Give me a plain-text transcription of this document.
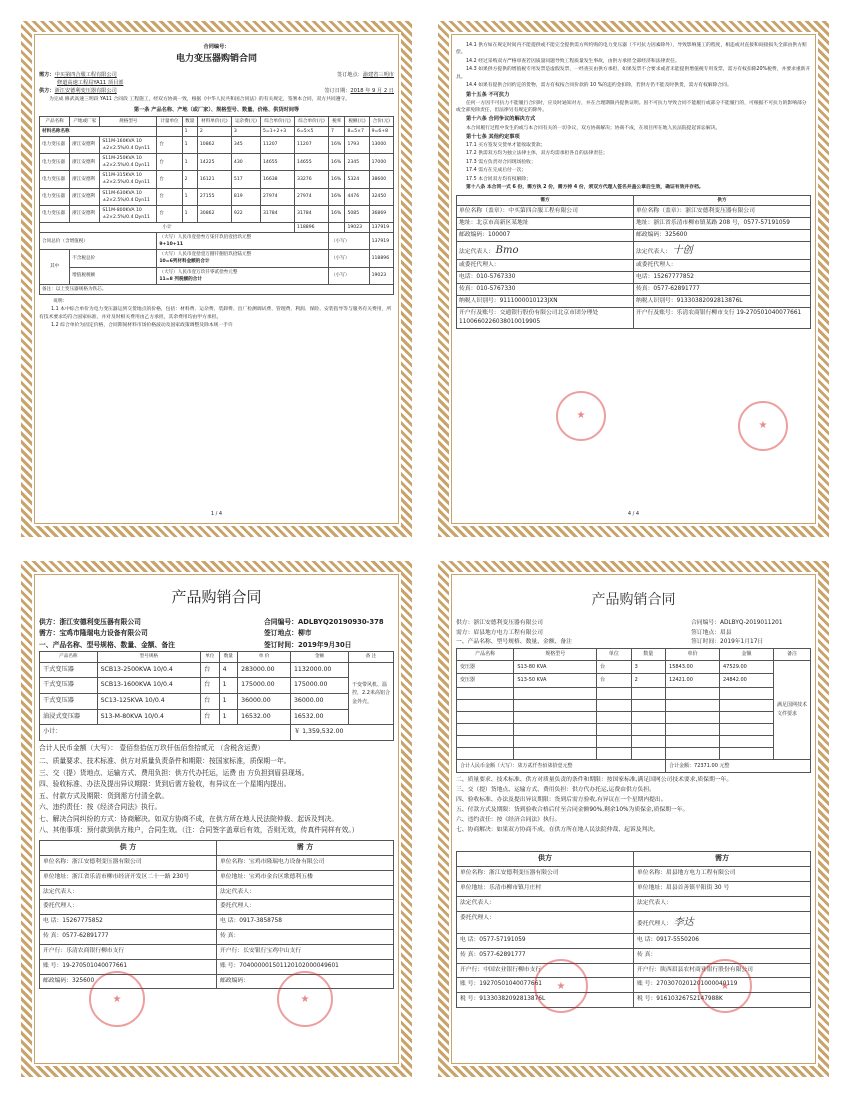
合同编号：
电力变压器购销合同
需方：中买第四合服工程有限公司	签订地点：渝建省三明市
修道高速工程局YA11 项目部
供方：浙江安德利变压器有限公司	签订日期：2018 年 9 月 2 日
为完成 修武高速三明段 YA11 合同段 工程施工，经双方协商一致，根据《中华人民共和国合同法》的有关规定，签署本合同，双方共同遵守。
第一条 产品名称、产地（或厂家）、规格型号、数量、价格、供货时间等
产品名称	产地或厂家	规格型号	计量单位	数量	材料单价(元)	运杂费(元)	综合单价(元)	综合单价(元)	税率	税额(元)	合价(元)
材料名称名称				1	2	3	5=1+2+3	6=5×5	7	8=5×7	9=6+8
电力变压器	浙江安德利	S11M-160KVA 10 ±2×2.5%/0.4 Dyn11	台	1	10862	345	11207	11207	16%	1793	13000
电力变压器	浙江安德利	S11M-250KVA 10 ±2×2.5%/0.4 Dyn11	台	1	14225	430	14655	14655	16%	2345	17000
电力变压器	浙江安德利	S11M-315KVA 10 ±2×2.5%/0.4 Dyn11	台	2	16121	517	16638	33276	16%	5324	38600
电力变压器	浙江安德利	S11M-630KVA 10 ±2×2.5%/0.4 Dyn11	台	1	27155	819	27974	27974	16%	4476	32450
电力变压器	浙江安德利	S11M-800KVA 10 ±2×2.5%/0.4 Dyn11	台	1	30862	922	31784	31784	16%	5085	36869
小计								118896		19023	137919
合同总价（含增值税）			（大写）人民币壹拾叁万柒仟玖佰壹拾玖元整
9+10+11						（小写）		137919
其中	不含税总价		（大写）人民币壹拾壹万捌仟捌佰玖拾陆元整
10=6列材料金额的合计						（小写）		118896
	增值税税额		（大写）人民币壹万玖仟零贰拾叁元整
11=8 列税额的合计						（小写）		19023
备注：以上变压器规格为铁芯。											
说明：
1.1 本中综合单价为电力变压器运到交货地点的价格，包括：材料费、运杂费、装卸费、出厂检测调试费、管理费、利润、保险、安装指导等与服务有关费用，所有技术要求均符合国家标准，并对及时相关费用由乙方承担，其余费用均由甲方承担。
1.2 综合单价为固定价格，合同期间材料市场价格波动及国家政策调整及除本规一手许
1 / 4
14.1 供方如在规定时间内不能提供或不能完全提供需方所约购的电力变压器（不可抗力因素除外），导致影响施工的程度，相违或对直接和间接损失全部由供方赔偿。
14.2 经过采购双方严格审查若因质量问题导致工程质量发生事故，由供方承担全部经济和法律责任。
14.3 如果供方提供的增值税专用发票是虚假发票，一经查实由供方承担，如果发票不合要求或者未能提供增值税专用发票，需方有权扣除20%税费，并要求重新开具。
14.4 如果有提供合同约定的货物，需方有权按合同价款的 10 %的违约金扣除，若供方仍不能及时供货，需方有权解除合同。
第十五条 不可抗力
任何一方因不可抗力不能履行合同时，应及时通知对方，并在合理期限内提供证明。因不可抗力导致合同不能履行或部分不能履行的，可根据不可抗力的影响部分或全部免除责任，但法律另有规定的除外。
第十六条 合同争议的解决方式
本合同履行过程中发生的或与本合同有关的一切争议，双方协商解决；协商不成，在项目所在地人民法院提起诉讼解决。
第十七条 其他约定事项
17.1 买方签发交货单才能收取货款；
17.2 供需双方均为独立法律主体，双方均需承担各自的法律责任；
17.3 需方负责对合同现场验收；
17.4 需方在完成后付一次；
17.5 本合同双方均有权解除；
第十八条 本合同一式 6 份，需方执 2 份，需方持 4 份，须双方代理人签名并盖公章后生效，确证有效并存档。
需方	供方
单位名称（盖章）：中买第四合服工程有限公司	单位名称（盖章）：浙江安德利变压器有限公司
地址：北京市高新区某地址	地址：浙江省乐清市柳市镇某路 208 号，0577-57191059
邮政编码：100007	邮政编码：325600
法定代表人： Bmo	法定代表人： 十创
或委托代理人：	或委托代理人：
电话：010-5767330	电话：15267777852
传真：010-5767330	传真：0577-62891777
纳税人识别号：9111000010123JXN	纳税人识别号：91330382092813876L
开户行及账号：交通银行股份有限公司北京市团分理处 1100660226038010019905	开户行及账号：乐清农商银行柳市支行 19-270501040077661
★
★
4 / 4
产品购销合同
供方：浙江安德利变压器有限公司	合同编号：ADLBYQ20190930-378
需方：宝鸡市隆瑞电力设备有限公司	签订地点：柳市
一、产品名称、型号规格、数量、金额、备注	签订时间：2019年9月30日
产品名称	型号规格	单位	数量	单 价	金额	备 注
干式变压器	SCB13-2500KVA 10/0.4	台	4	283000.00	1132000.00	干变带风机、温控，2.2米高铝合金外壳。
干式变压器	SCB13-1600KVA 10/0.4	台	1	175000.00	175000.00	
干式变压器	SC13-125KVA 10/0.4	台	1	36000.00	36000.00	
油浸式变压器	S13-M-80KVA 10/0.4	台	1	16532.00	16532.00	
小计：					￥ 1,359,532.00	
合计人民币金额（大写）： 壹佰叁拾伍万玖仟伍佰叁拾贰元 （含税含运费）
二、质量要求、技术标准、供方对质量负责条件和期限：按国家标准，质保期一年。
三、交（提）货地点、运输方式、费用负担：供方代办托运，运费 由 方负担到眉县现场。
四、验收标准、办法及提出异议期限：货到后需方验收，有异议在一个星期内提出。
五、付款方式及期限：货到需方付清全款。
六、违约责任：按《经济合同法》执行。
七、解决合同纠纷的方式：协商解决。如双方协商不成，在供方所在地人民法院仲裁、起诉及判决。
八、其他事项：预付款到供方账户，合同生效。（注：合同签字盖章后有效，否则无效，传真件同样有效。）
供 方	需 方
单位名称：浙江安德利变压器有限公司	单位名称：宝鸡市隆瑞电力设备有限公司
单位地址：浙江省乐清市柳市经济开发区二十一路 230号	单位地址：宝鸡市金台区歌德利五楼
法定代表人：	法定代表人：
委托代理人：	委托代理人：
电 话：15267775852	电 话：0917-3858758
传 真：0577-62891777	传 真：
开户行：乐清农商银行柳市支行	开户行：长安银行宝鸡中山支行
账 号：19-270501040077661	账 号：704000001501120102000049601
邮政编码：325600	邮政编码：
★
★
产品购销合同
供方：浙江安德利变压器有限公司	合同编号：ADLBYQ-2019011201
需方：眉县地方电力工程有限公司	签订地点：眉县
一、产品名称、型号规格、数量、金额、备注	签订时间：2019年1月17日
产品名称	规格型号	单位	数量	单价	金额	备注
变压器	S13-80 KVA	台	3	15843.00	47529.00	满足国网技术文件要求
变压器	S13-50 KVA	台	2	12421.00	24842.00	

合计人民币金额（大写）：柒万贰仟叁佰柒拾壹元整				合计金额：72371.00 元整		
二、质量要求、技术标准、供方对质量负责的条件和期限：按国家标准,满足国网公司技术要求,质保期一年。
三、交（提）货地点、运输方式、费用负担：供方代办托运,运费由供方负担。
四、验收标准、办法及提出异议期限：货到后需方验收,有异议在一个星期内提出。
五、付款方式及期限：货到验收合格后付至合同金额90%,剩余10%为质保金,质保期一年。
六、违约责任：按《经济合同法》执行。
七、协商解决：如果双方协商不成，在供方所在地人民法院仲裁、起诉及判决。
供方	需方
单位名称：浙江安德利变压器有限公司	单位名称：眉县地方电力工程有限公司
单位地址：乐清市柳市镇月庄村	单位地址：眉县首善镇平阳街 30 号
法定代表人：	法定代表人：
委托代理人：	委托代理人： 李达
电 话：0577-57191059	电 话：0917-5550206
传 真：0577-62891777	传 真：
开户行：中国农业银行柳市支行	开户行：陕西眉县农村商业银行股份有限公司
账 号：19270501040077661	账 号：2703070201201000040119
税 号：91330382092813876L	税 号：91610326752147988K
★
★
